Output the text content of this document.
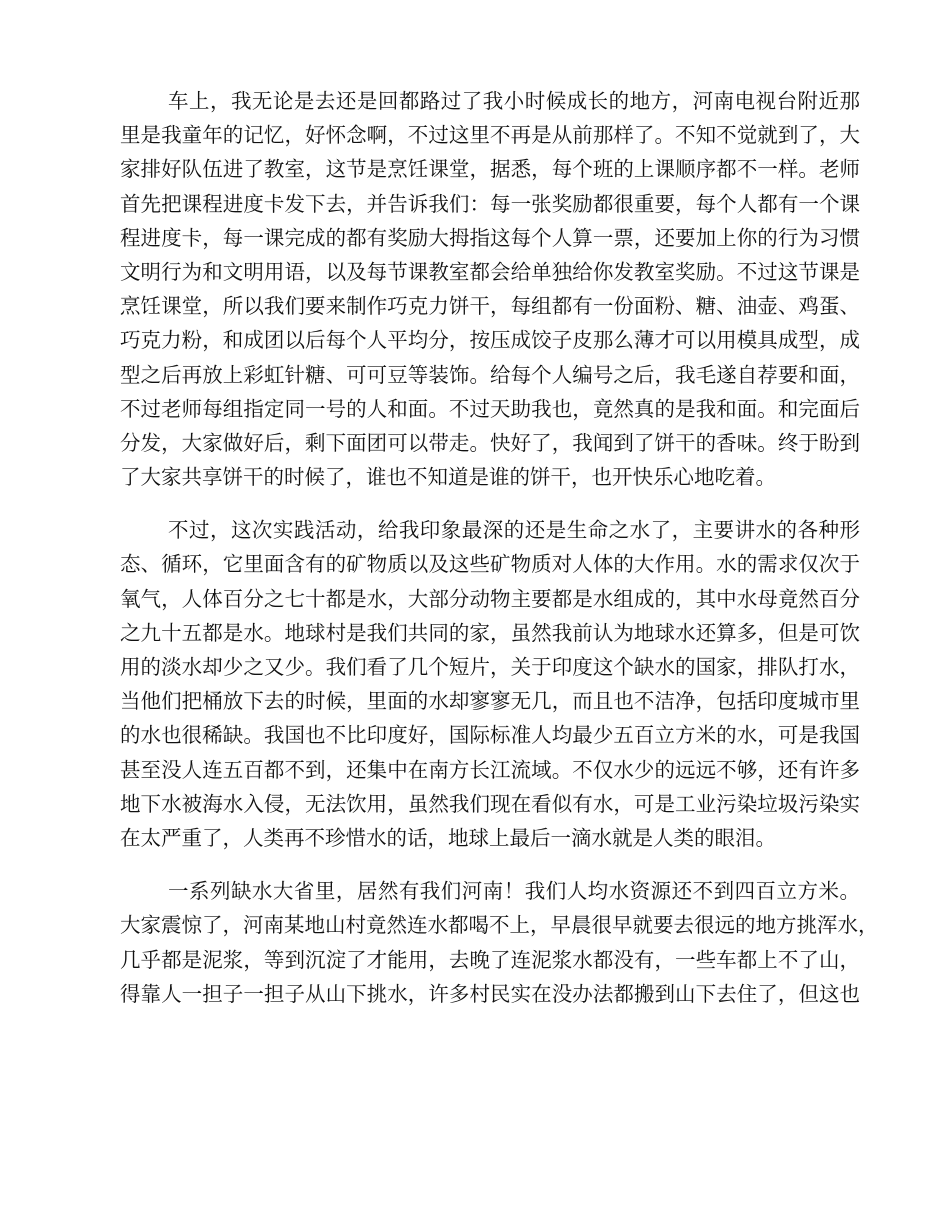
车上，我无论是去还是回都路过了我小时候成长的地方，河南电视台附近那
里是我童年的记忆，好怀念啊，不过这里不再是从前那样了。不知不觉就到了，大
家排好队伍进了教室，这节是烹饪课堂，据悉，每个班的上课顺序都不一样。老师
首先把课程进度卡发下去，并告诉我们：每一张奖励都很重要，每个人都有一个课
程进度卡，每一课完成的都有奖励大拇指这每个人算一票，还要加上你的行为习惯
文明行为和文明用语，以及每节课教室都会给单独给你发教室奖励。不过这节课是
烹饪课堂，所以我们要来制作巧克力饼干，每组都有一份面粉、糖、油壶、鸡蛋、
巧克力粉，和成团以后每个人平均分，按压成饺子皮那么薄才可以用模具成型，成
型之后再放上彩虹针糖、可可豆等装饰。给每个人编号之后，我毛遂自荐要和面，
不过老师每组指定同一号的人和面。不过天助我也，竟然真的是我和面。和完面后
分发，大家做好后，剩下面团可以带走。快好了，我闻到了饼干的香味。终于盼到
了大家共享饼干的时候了，谁也不知道是谁的饼干，也开快乐心地吃着。
不过，这次实践活动，给我印象最深的还是生命之水了，主要讲水的各种形
态、循环，它里面含有的矿物质以及这些矿物质对人体的大作用。水的需求仅次于
氧气，人体百分之七十都是水，大部分动物主要都是水组成的，其中水母竟然百分
之九十五都是水。地球村是我们共同的家，虽然我前认为地球水还算多，但是可饮
用的淡水却少之又少。我们看了几个短片，关于印度这个缺水的国家，排队打水，
当他们把桶放下去的时候，里面的水却寥寥无几，而且也不洁净，包括印度城市里
的水也很稀缺。我国也不比印度好，国际标准人均最少五百立方米的水，可是我国
甚至没人连五百都不到，还集中在南方长江流域。不仅水少的远远不够，还有许多
地下水被海水入侵，无法饮用，虽然我们现在看似有水，可是工业污染垃圾污染实
在太严重了，人类再不珍惜水的话，地球上最后一滴水就是人类的眼泪。
一系列缺水大省里，居然有我们河南！我们人均水资源还不到四百立方米。
大家震惊了，河南某地山村竟然连水都喝不上，早晨很早就要去很远的地方挑浑水，
几乎都是泥浆，等到沉淀了才能用，去晚了连泥浆水都没有，一些车都上不了山，
得靠人一担子一担子从山下挑水，许多村民实在没办法都搬到山下去住了，但这也
